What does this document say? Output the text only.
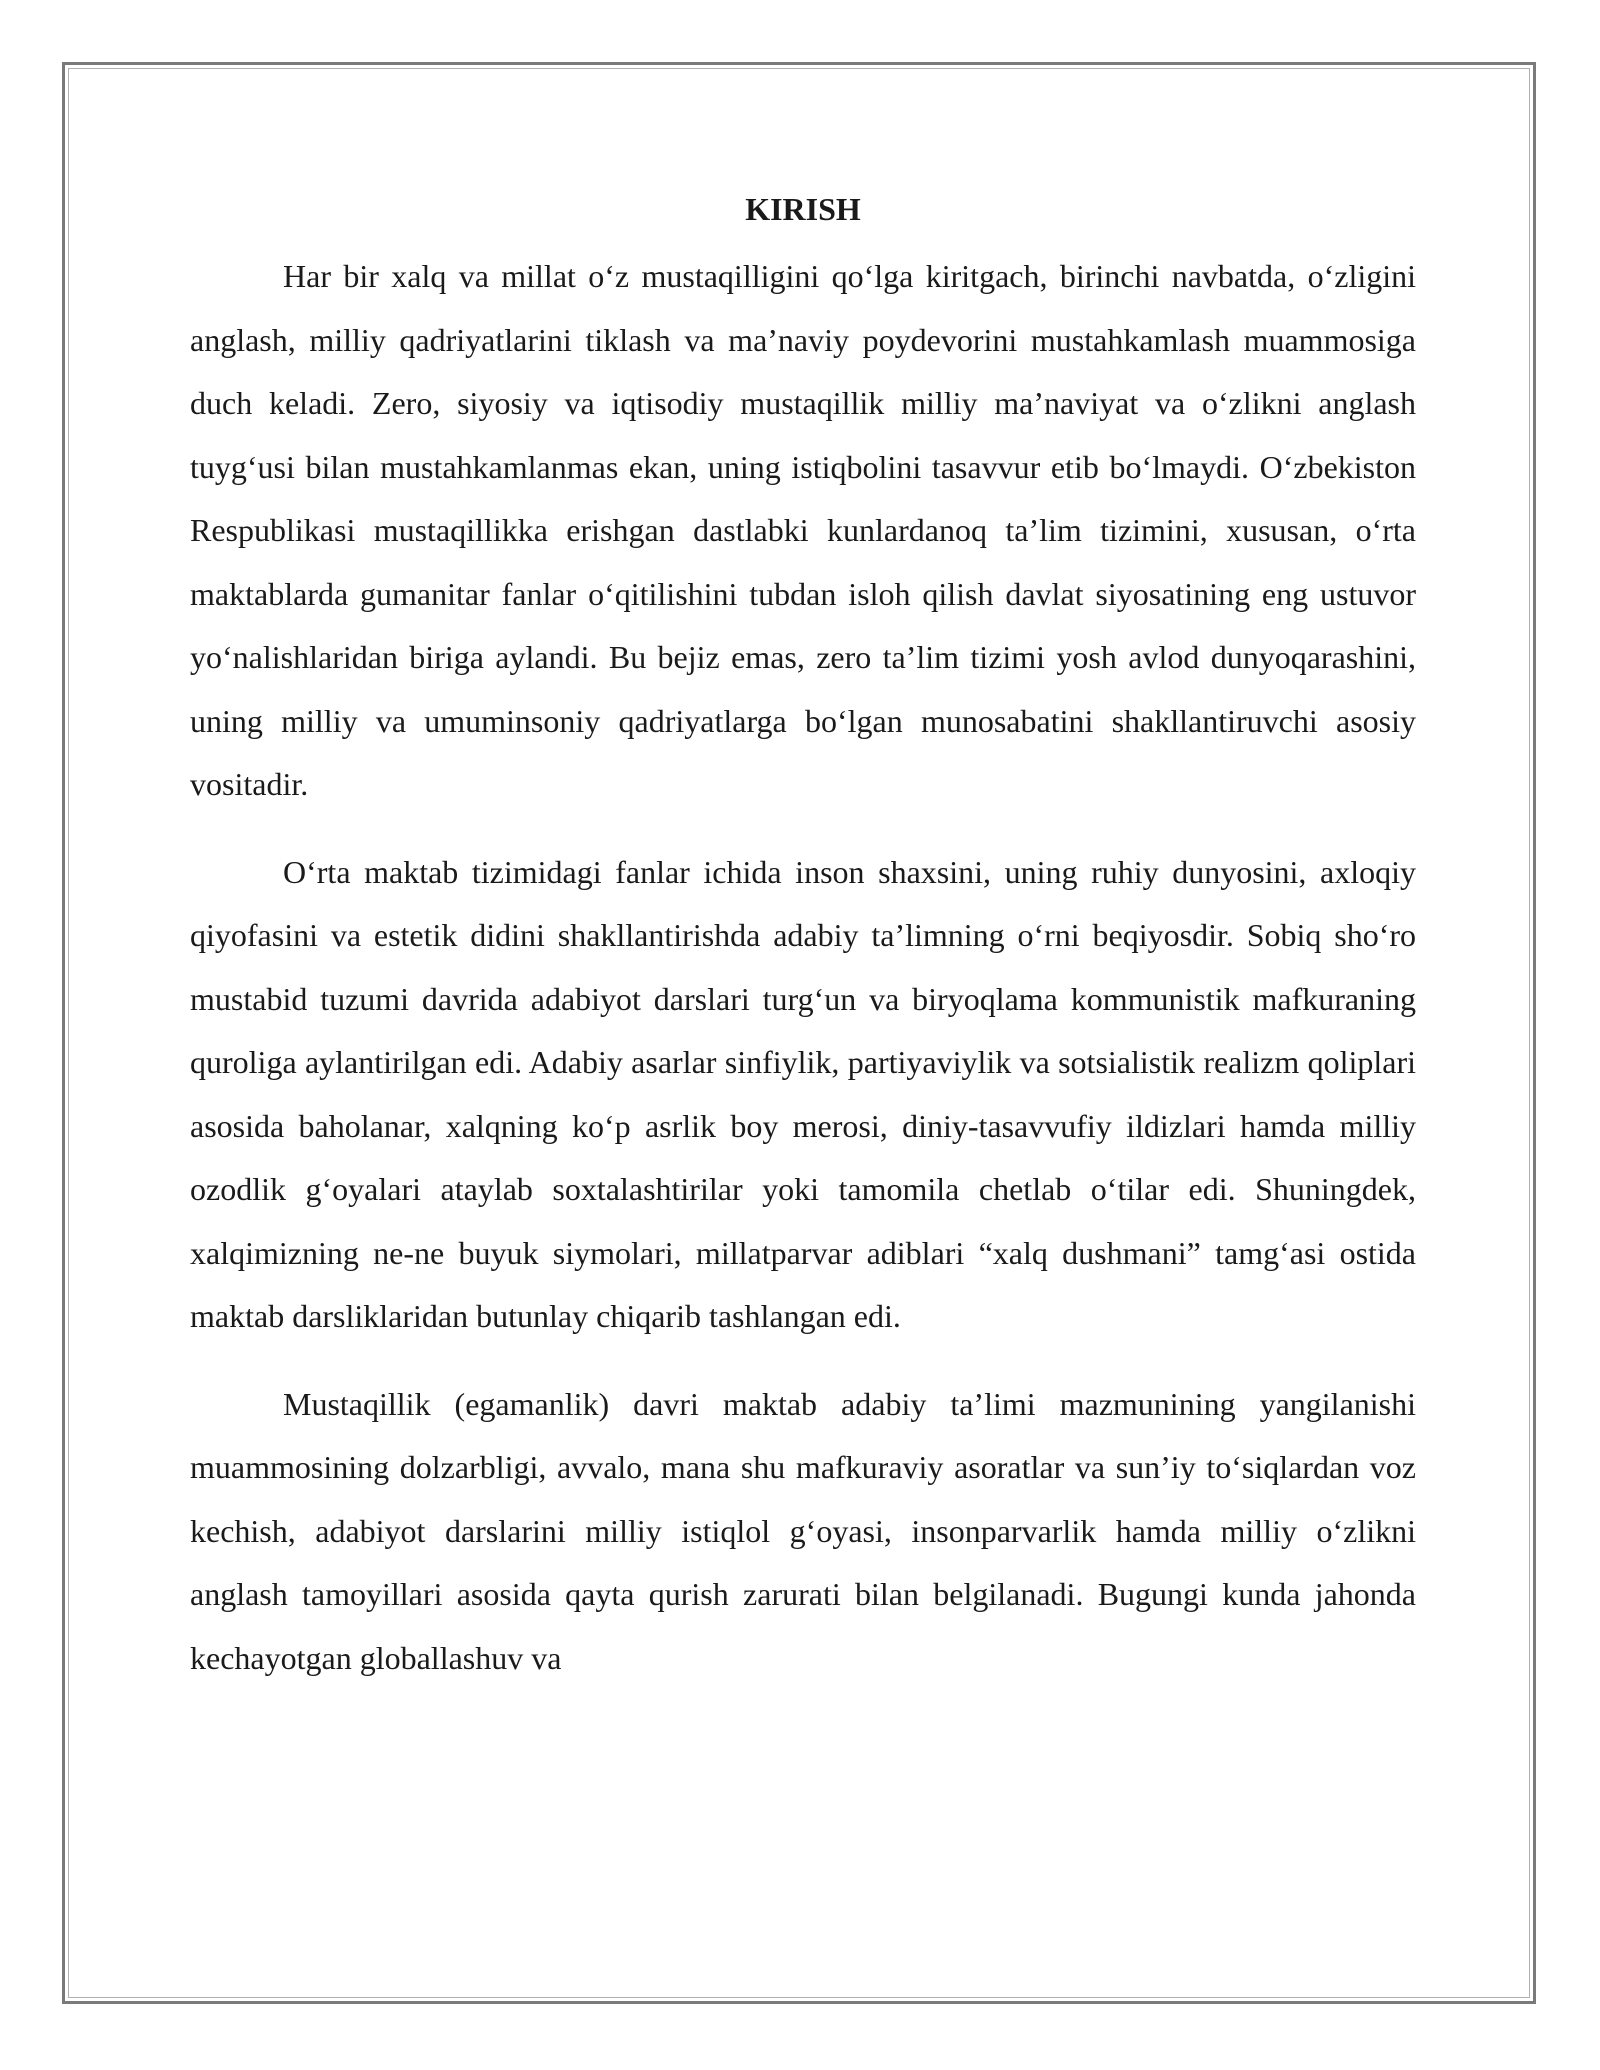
KIRISH

Har bir xalq va millat o‘z mustaqilligini qo‘lga kiritgach, birinchi navbatda, o‘zligini anglash, milliy qadriyatlarini tiklash va ma’naviy poydevorini mustahkamlash muammosiga duch keladi. Zero, siyosiy va iqtisodiy mustaqillik milliy ma’naviyat va o‘zlikni anglash tuyg‘usi bilan mustahkamlanmas ekan, uning istiqbolini tasavvur etib bo‘lmaydi. O‘zbekiston Respublikasi mustaqillikka erishgan dastlabki kunlardanoq ta’lim tizimini, xususan, o‘rta maktablarda gumanitar fanlar o‘qitilishini tubdan isloh qilish davlat siyosatining eng ustuvor yo‘nalishlaridan biriga aylandi. Bu bejiz emas, zero ta’lim tizimi yosh avlod dunyoqarashini, uning milliy va umuminsoniy qadriyatlarga bo‘lgan munosabatini shakllantiruvchi asosiy vositadir.

O‘rta maktab tizimidagi fanlar ichida inson shaxsini, uning ruhiy dunyosini, axloqiy qiyofasini va estetik didini shakllantirishda adabiy ta’limning o‘rni beqiyosdir. Sobiq sho‘ro mustabid tuzumi davrida adabiyot darslari turg‘un va biryoqlama kommunistik mafkuraning quroliga aylantirilgan edi. Adabiy asarlar sinfiylik, partiyaviylik va sotsialistik realizm qoliplari asosida baholanar, xalqning ko‘p asrlik boy merosi, diniy-tasavvufiy ildizlari hamda milliy ozodlik g‘oyalari ataylab soxtalashtirilar yoki tamomila chetlab o‘tilar edi. Shuningdek, xalqimizning ne-ne buyuk siymolari, millatparvar adiblari “xalq dushmani” tamg‘asi ostida maktab darsliklaridan butunlay chiqarib tashlangan edi.

Mustaqillik (egamanlik) davri maktab adabiy ta’limi mazmunining yangilanishi muammosining dolzarbligi, avvalo, mana shu mafkuraviy asoratlar va sun’iy to‘siqlardan voz kechish, adabiyot darslarini milliy istiqlol g‘oyasi, insonparvarlik hamda milliy o‘zlikni anglash tamoyillari asosida qayta qurish zarurati bilan belgilanadi. Bugungi kunda jahonda kechayotgan globallashuv va
